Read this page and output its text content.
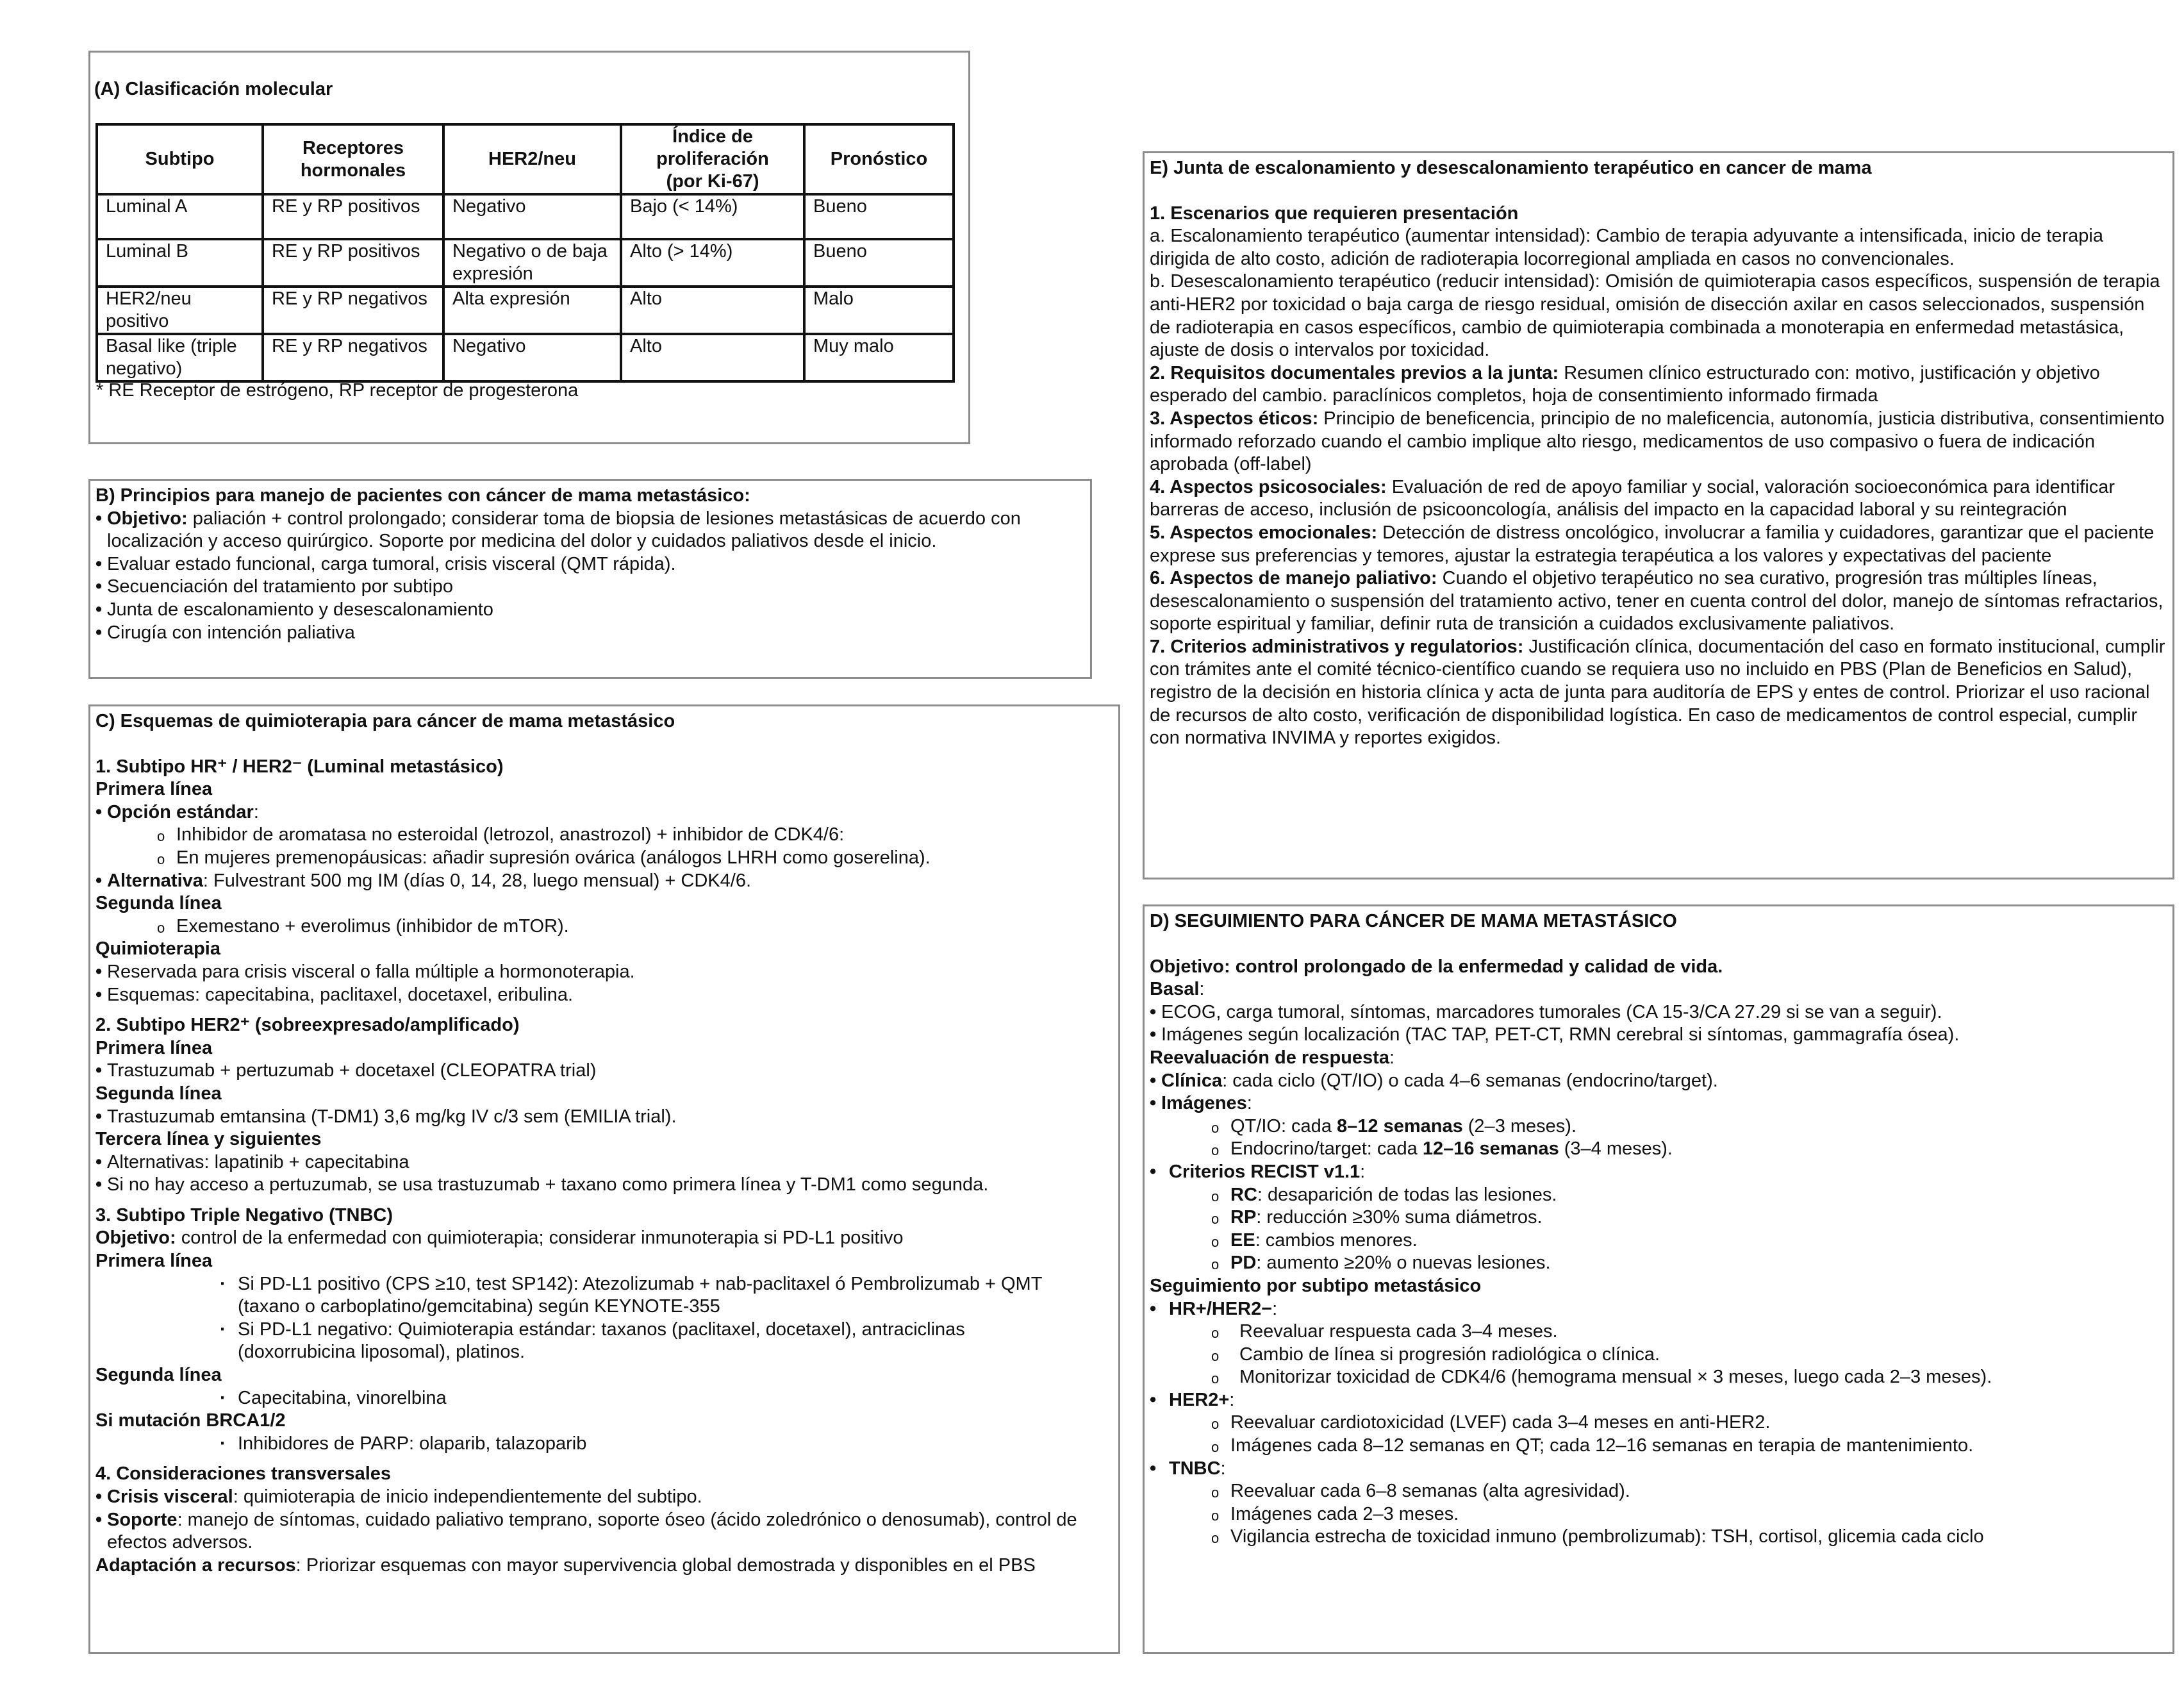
(A) Clasificación molecular
Subtipo	Receptores hormonales	HER2/neu	Índice de proliferación (por Ki-67)	Pronóstico
Luminal A	RE y RP positivos	Negativo	Bajo (< 14%)	Bueno
Luminal B	RE y RP positivos	Negativo o de baja expresión	Alto (> 14%)	Bueno
HER2/neu positivo	RE y RP negativos	Alta expresión	Alto	Malo
Basal like (triple negativo)	RE y RP negativos	Negativo	Alto	Muy malo
* RE Receptor de estrógeno, RP receptor de progesterona
B) Principios para manejo de pacientes con cáncer de mama metastásico:
• Objetivo: paliación + control prolongado; considerar toma de biopsia de lesiones metastásicas de acuerdo con localización y acceso quirúrgico. Soporte por medicina del dolor y cuidados paliativos desde el inicio.
• Evaluar estado funcional, carga tumoral, crisis visceral (QMT rápida).
• Secuenciación del tratamiento por subtipo
• Junta de escalonamiento y desescalonamiento
• Cirugía con intención paliativa
C) Esquemas de quimioterapia para cáncer de mama metastásico
1. Subtipo HR⁺ / HER2⁻ (Luminal metastásico)
Primera línea
• Opción estándar:
o Inhibidor de aromatasa no esteroidal (letrozol, anastrozol) + inhibidor de CDK4/6:
o En mujeres premenopáusicas: añadir supresión ovárica (análogos LHRH como goserelina).
• Alternativa: Fulvestrant 500 mg IM (días 0, 14, 28, luego mensual) + CDK4/6.
Segunda línea
o Exemestano + everolimus (inhibidor de mTOR).
Quimioterapia
• Reservada para crisis visceral o falla múltiple a hormonoterapia.
• Esquemas: capecitabina, paclitaxel, docetaxel, eribulina.
2. Subtipo HER2⁺ (sobreexpresado/amplificado)
Primera línea
• Trastuzumab + pertuzumab + docetaxel (CLEOPATRA trial)
Segunda línea
• Trastuzumab emtansina (T-DM1) 3,6 mg/kg IV c/3 sem (EMILIA trial).
Tercera línea y siguientes
• Alternativas: lapatinib + capecitabina
• Si no hay acceso a pertuzumab, se usa trastuzumab + taxano como primera línea y T-DM1 como segunda.
3. Subtipo Triple Negativo (TNBC)
Objetivo: control de la enfermedad con quimioterapia; considerar inmunoterapia si PD-L1 positivo
Primera línea
· Si PD-L1 positivo (CPS ≥10, test SP142): Atezolizumab + nab-paclitaxel ó Pembrolizumab + QMT (taxano o carboplatino/gemcitabina) según KEYNOTE-355
· Si PD-L1 negativo: Quimioterapia estándar: taxanos (paclitaxel, docetaxel), antraciclinas (doxorrubicina liposomal), platinos.
Segunda línea
· Capecitabina, vinorelbina
Si mutación BRCA1/2
· Inhibidores de PARP: olaparib, talazoparib
4. Consideraciones transversales
• Crisis visceral: quimioterapia de inicio independientemente del subtipo.
• Soporte: manejo de síntomas, cuidado paliativo temprano, soporte óseo (ácido zoledrónico o denosumab), control de efectos adversos.
Adaptación a recursos: Priorizar esquemas con mayor supervivencia global demostrada y disponibles en el PBS
E) Junta de escalonamiento y desescalonamiento terapéutico en cancer de mama
1. Escenarios que requieren presentación
a. Escalonamiento terapéutico (aumentar intensidad): Cambio de terapia adyuvante a intensificada, inicio de terapia dirigida de alto costo, adición de radioterapia locorregional ampliada en casos no convencionales.
b. Desescalonamiento terapéutico (reducir intensidad): Omisión de quimioterapia casos específicos, suspensión de terapia anti-HER2 por toxicidad o baja carga de riesgo residual, omisión de disección axilar en casos seleccionados, suspensión de radioterapia en casos específicos, cambio de quimioterapia combinada a monoterapia en enfermedad metastásica, ajuste de dosis o intervalos por toxicidad.
2. Requisitos documentales previos a la junta: Resumen clínico estructurado con: motivo, justificación y objetivo esperado del cambio. paraclínicos completos, hoja de consentimiento informado firmada
3. Aspectos éticos: Principio de beneficencia, principio de no maleficencia, autonomía, justicia distributiva, consentimiento informado reforzado cuando el cambio implique alto riesgo, medicamentos de uso compasivo o fuera de indicación aprobada (off-label)
4. Aspectos psicosociales: Evaluación de red de apoyo familiar y social, valoración socioeconómica para identificar barreras de acceso, inclusión de psicooncología, análisis del impacto en la capacidad laboral y su reintegración
5. Aspectos emocionales: Detección de distress oncológico, involucrar a familia y cuidadores, garantizar que el paciente exprese sus preferencias y temores, ajustar la estrategia terapéutica a los valores y expectativas del paciente
6. Aspectos de manejo paliativo: Cuando el objetivo terapéutico no sea curativo, progresión tras múltiples líneas, desescalonamiento o suspensión del tratamiento activo, tener en cuenta control del dolor, manejo de síntomas refractarios, soporte espiritual y familiar, definir ruta de transición a cuidados exclusivamente paliativos.
7. Criterios administrativos y regulatorios: Justificación clínica, documentación del caso en formato institucional, cumplir con trámites ante el comité técnico-científico cuando se requiera uso no incluido en PBS (Plan de Beneficios en Salud), registro de la decisión en historia clínica y acta de junta para auditoría de EPS y entes de control. Priorizar el uso racional de recursos de alto costo, verificación de disponibilidad logística. En caso de medicamentos de control especial, cumplir con normativa INVIMA y reportes exigidos.
D) SEGUIMIENTO PARA CÁNCER DE MAMA METASTÁSICO
Objetivo: control prolongado de la enfermedad y calidad de vida.
Basal:
• ECOG, carga tumoral, síntomas, marcadores tumorales (CA 15-3/CA 27.29 si se van a seguir).
• Imágenes según localización (TAC TAP, PET-CT, RMN cerebral si síntomas, gammagrafía ósea).
Reevaluación de respuesta:
• Clínica: cada ciclo (QT/IO) o cada 4–6 semanas (endocrino/target).
• Imágenes:
o QT/IO: cada 8–12 semanas (2–3 meses).
o Endocrino/target: cada 12–16 semanas (3–4 meses).
• Criterios RECIST v1.1:
o RC: desaparición de todas las lesiones.
o RP: reducción ≥30% suma diámetros.
o EE: cambios menores.
o PD: aumento ≥20% o nuevas lesiones.
Seguimiento por subtipo metastásico
• HR+/HER2−:
o Reevaluar respuesta cada 3–4 meses.
o Cambio de línea si progresión radiológica o clínica.
o Monitorizar toxicidad de CDK4/6 (hemograma mensual × 3 meses, luego cada 2–3 meses).
• HER2+:
o Reevaluar cardiotoxicidad (LVEF) cada 3–4 meses en anti-HER2.
o Imágenes cada 8–12 semanas en QT; cada 12–16 semanas en terapia de mantenimiento.
• TNBC:
o Reevaluar cada 6–8 semanas (alta agresividad).
o Imágenes cada 2–3 meses.
o Vigilancia estrecha de toxicidad inmuno (pembrolizumab): TSH, cortisol, glicemia cada ciclo
